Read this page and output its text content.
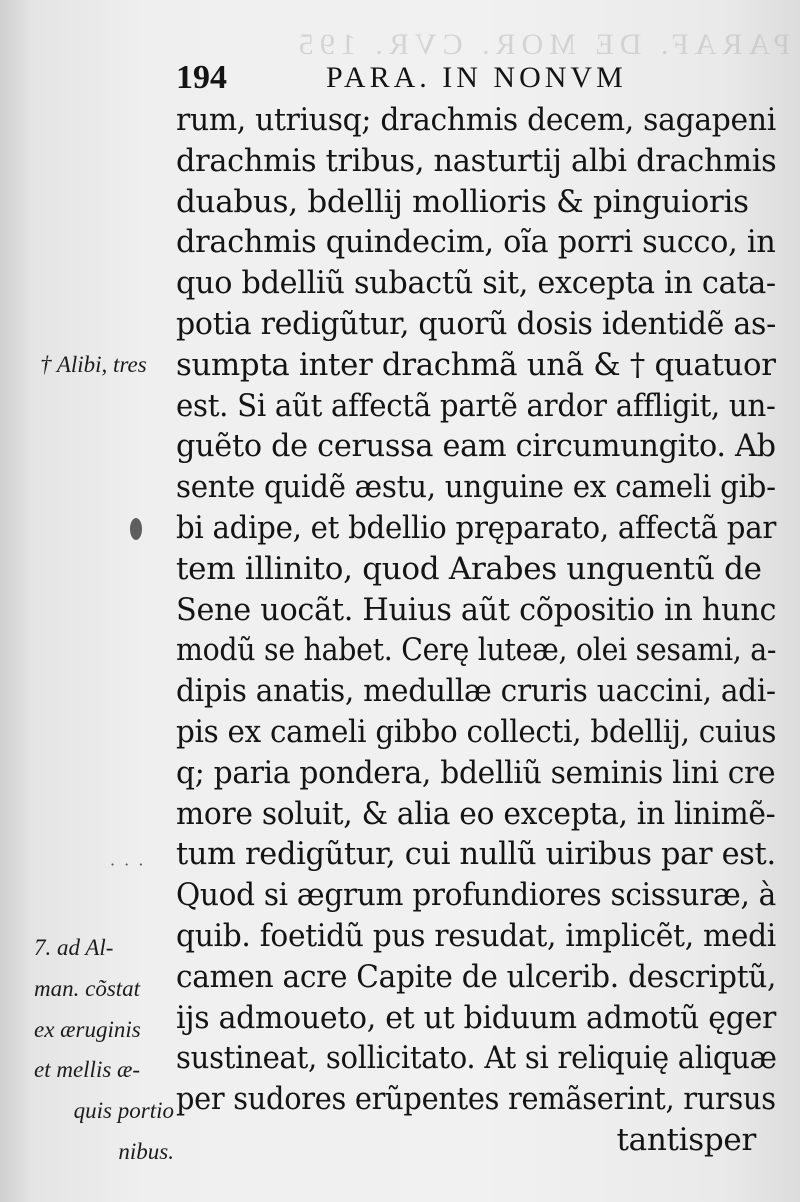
PARAF. DE MOR. CVR. 195
194	PARA. IN NONVM
· · ·
† Alibi, tres
7. ad Al-
man. cõstat
ex æruginis
et mellis æ-
quis portio
nibus.
rum, utriusq; drachmis decem, sagapeni
drachmis tribus, nasturtij albi drachmis
duabus, bdellij mollioris & pinguioris
drachmis quindecim, oĩa porri succo, in
quo bdelliũ subactũ sit, excepta in cata-
potia redigũtur, quorũ dosis identidẽ as-
sumpta inter drachmã unã & † quatuor
est. Si aũt affectã partẽ ardor affligit, un-
guẽto de cerussa eam circumungito. Ab
sente quidẽ æstu, unguine ex cameli gib-
bi adipe, et bdellio pręparato, affectã par
tem illinito, quod Arabes unguentũ de
Sene uocãt. Huius aũt cõpositio in hunc
modũ se habet. Cerę luteæ, olei sesami, a-
dipis anatis, medullæ cruris uaccini, adi-
pis ex cameli gibbo collecti, bdellij, cuius
q; paria pondera, bdelliũ seminis lini cre
more soluit, & alia eo excepta, in linimẽ-
tum redigũtur, cui nullũ uiribus par est.
Quod si ægrum profundiores scissuræ, à
quib. foetidũ pus resudat, implicẽt, medi
camen acre Capite de ulcerib. descriptũ,
ijs admoueto, et ut biduum admotũ ęger
sustineat, sollicitato. At si reliquię aliquæ
per sudores erũpentes remãserint, rursus
tantisper
